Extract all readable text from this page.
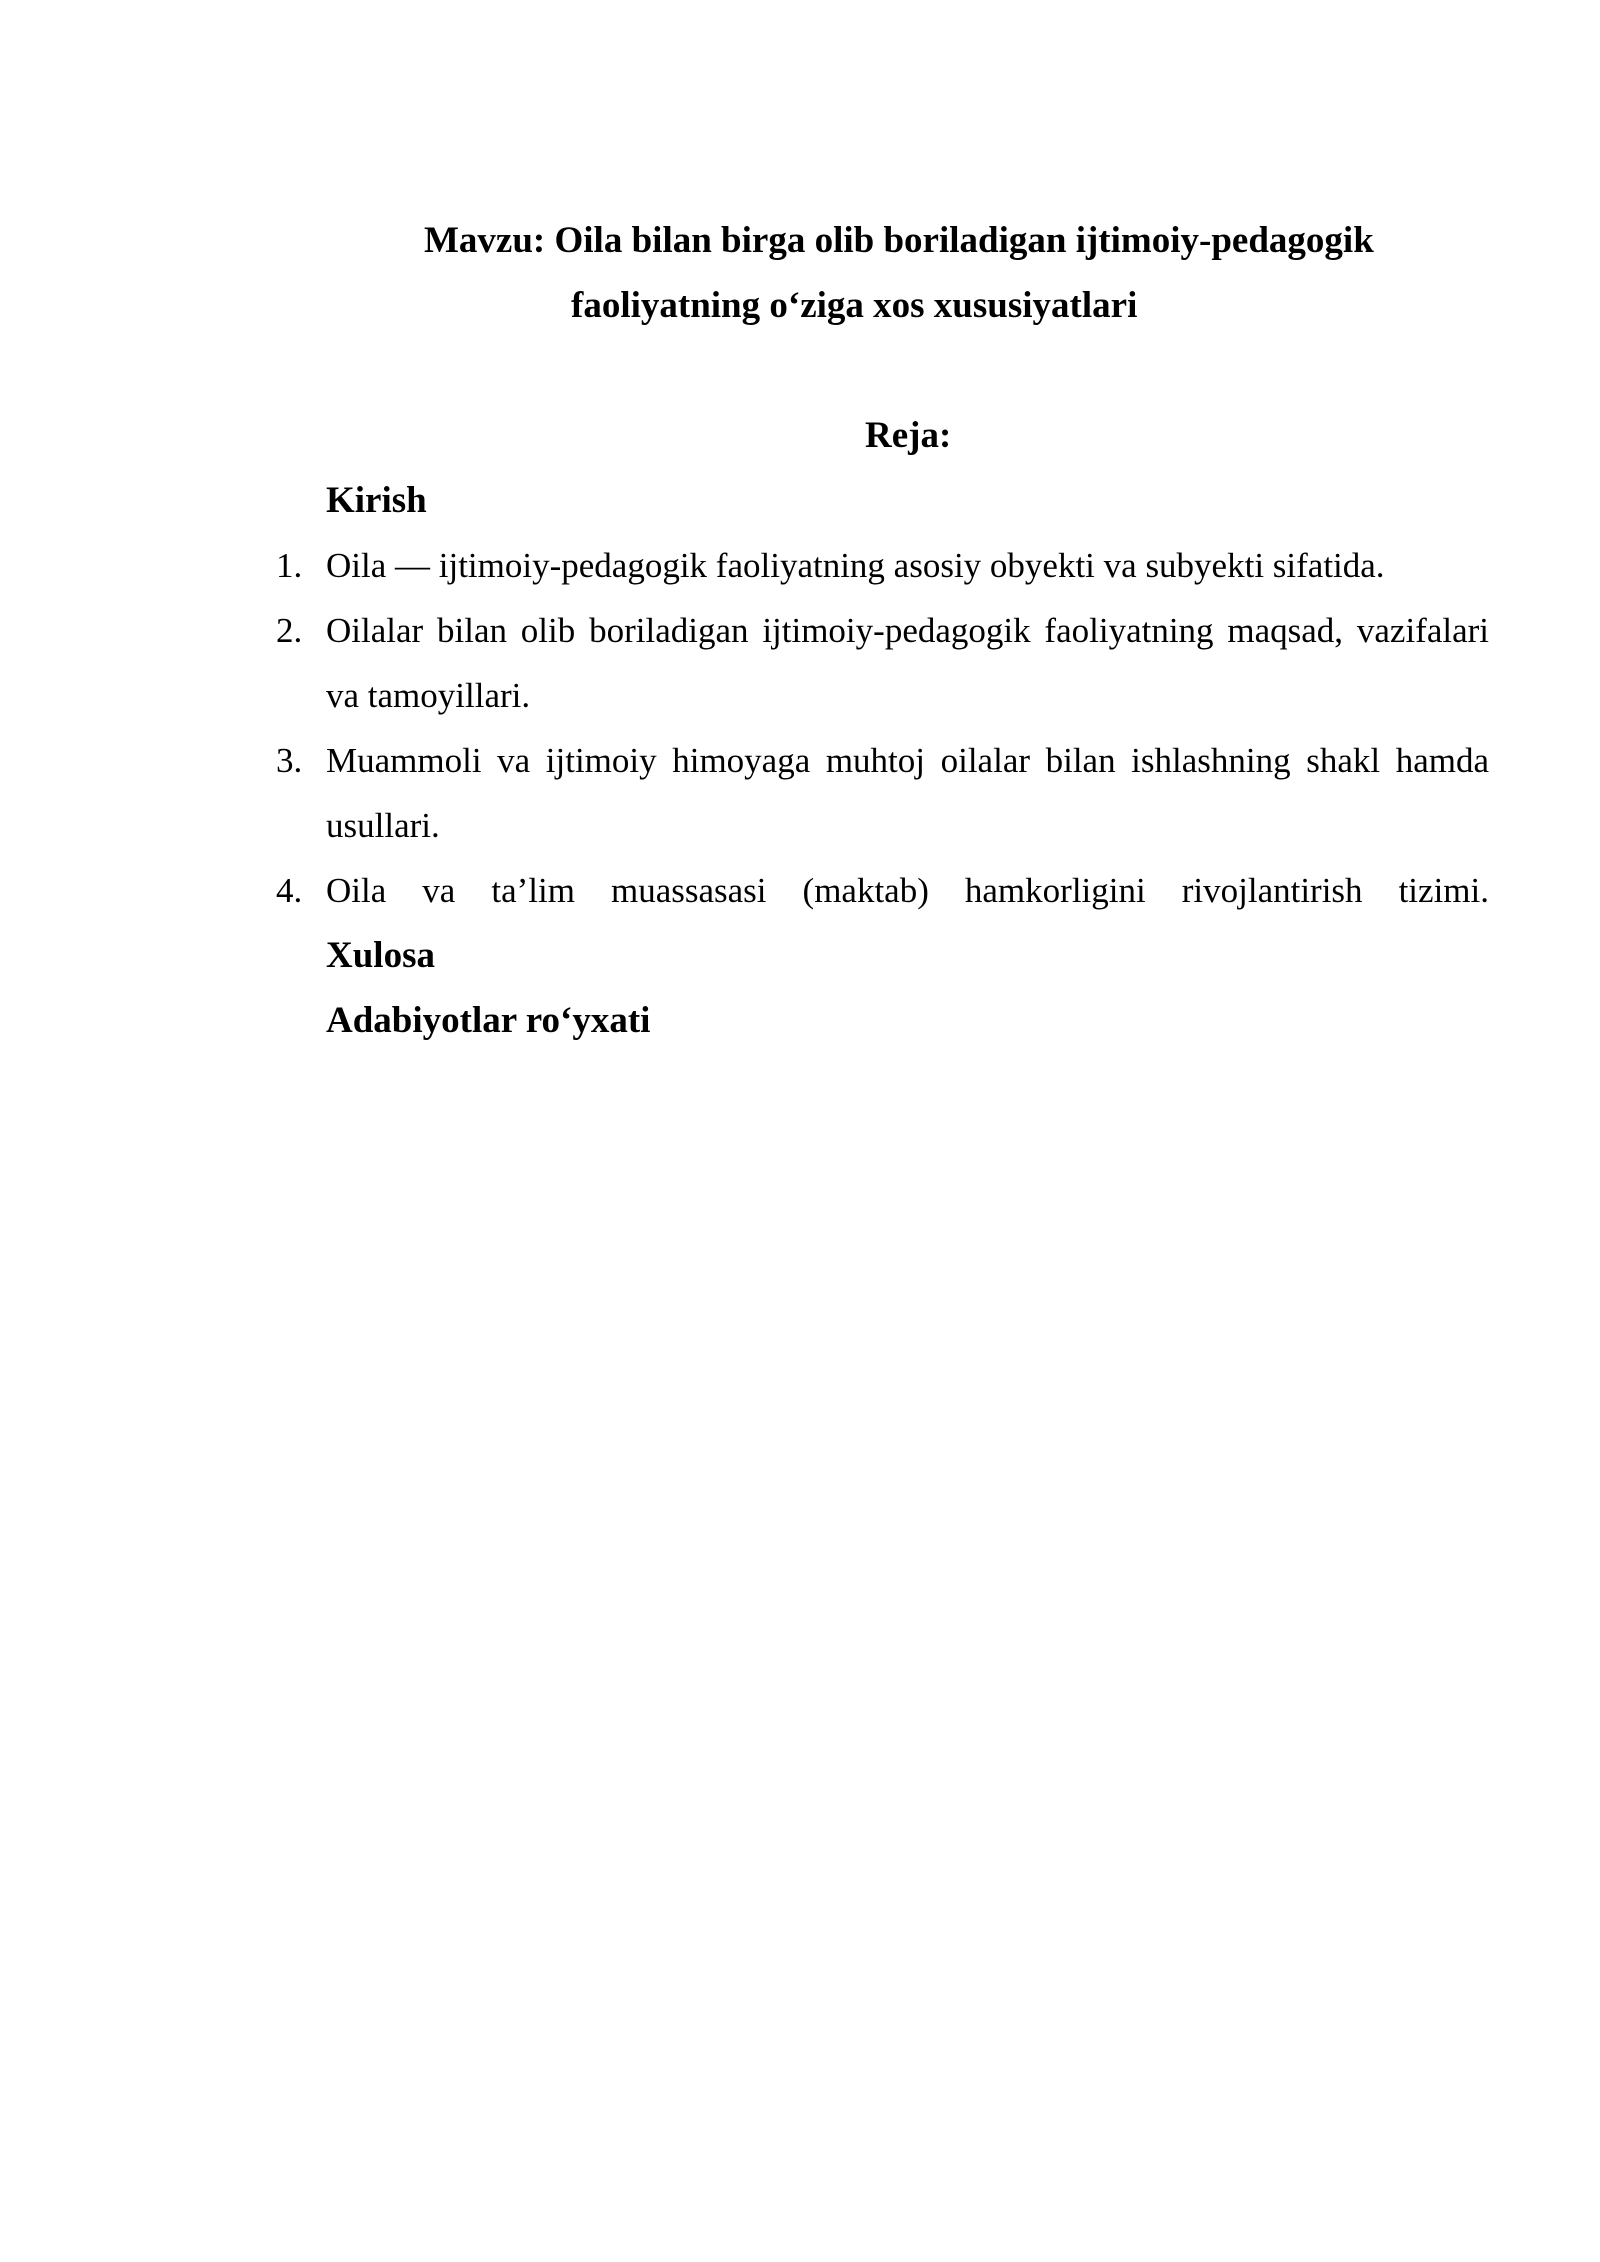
Mavzu: Oila bilan birga olib boriladigan ijtimoiy-pedagogik
faoliyatning o‘ziga xos xususiyatlari
Reja:
Kirish
1. Oila — ijtimoiy-pedagogik faoliyatning asosiy obyekti va subyekti sifatida.
2. Oilalar bilan olib boriladigan ijtimoiy-pedagogik faoliyatning maqsad, vazifalari va tamoyillari.
3. Muammoli va ijtimoiy himoyaga muhtoj oilalar bilan ishlashning shakl hamda usullari.
4. Oila va ta’lim muassasasi (maktab) hamkorligini rivojlantirish tizimi.
Xulosa
Adabiyotlar ro‘yxati
